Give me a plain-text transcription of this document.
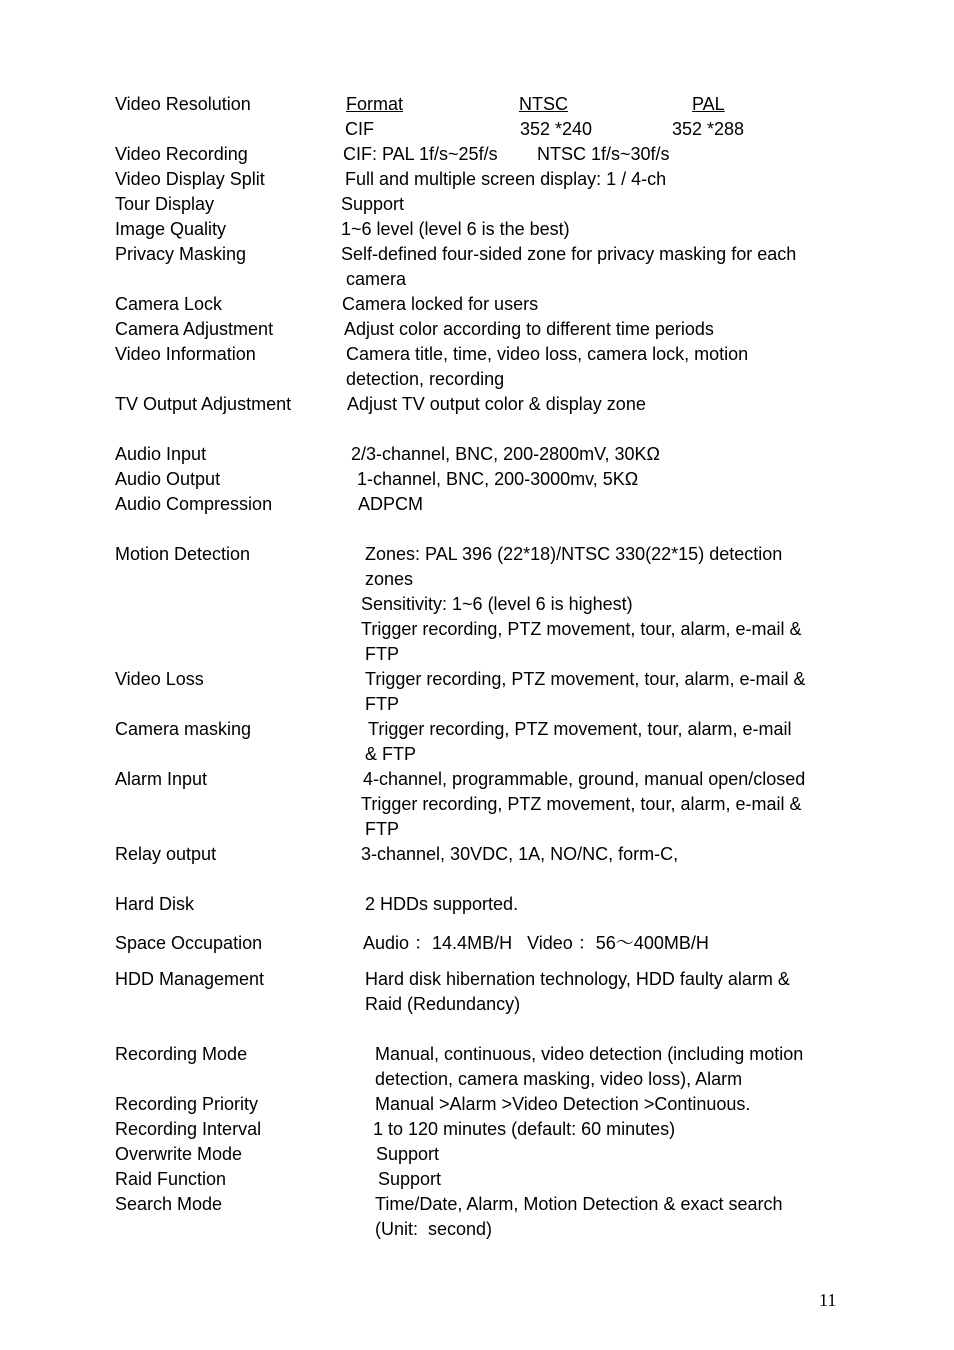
Video Resolution	Format	NTSC	PAL
CIF	352 *240	352 *288
Video Recording	CIF: PAL 1f/s~25f/s NTSC 1f/s~30f/s
Video Display Split	Full and multiple screen display: 1 / 4-ch
Tour Display	Support
Image Quality	1~6 level (level 6 is the best)
Privacy Masking	Self-defined four-sided zone for privacy masking for each
camera
Camera Lock	Camera locked for users
Camera Adjustment	Adjust color according to different time periods
Video Information	Camera title, time, video loss, camera lock, motion
detection, recording
TV Output Adjustment	Adjust TV output color & display zone
Audio Input	2/3-channel, BNC, 200-2800mV, 30KΩ
Audio Output	1-channel, BNC, 200-3000mv, 5KΩ
Audio Compression	ADPCM
Motion Detection	Zones: PAL 396 (22*18)/NTSC 330(22*15) detection
zones
Sensitivity: 1~6 (level 6 is highest)
Trigger recording, PTZ movement, tour, alarm, e-mail &
FTP
Video Loss	Trigger recording, PTZ movement, tour, alarm, e-mail &
FTP
Camera masking	Trigger recording, PTZ movement, tour, alarm, e-mail
& FTP
Alarm Input	4-channel, programmable, ground, manual open/closed
Trigger recording, PTZ movement, tour, alarm, e-mail &
FTP
Relay output	3-channel, 30VDC, 1A, NO/NC, form-C,
Hard Disk	2 HDDs supported.
Space Occupation	Audio ：14.4MB/H   Video ：56～400MB/H
HDD Management	Hard disk hibernation technology, HDD faulty alarm &
Raid (Redundancy)
Recording Mode	Manual, continuous, video detection (including motion
detection, camera masking, video loss), Alarm
Recording Priority	Manual >Alarm >Video Detection >Continuous.
Recording Interval	1 to 120 minutes (default: 60 minutes)
Overwrite Mode	Support
Raid Function	Support
Search Mode	Time/Date, Alarm, Motion Detection & exact search
(Unit:  second)
11
